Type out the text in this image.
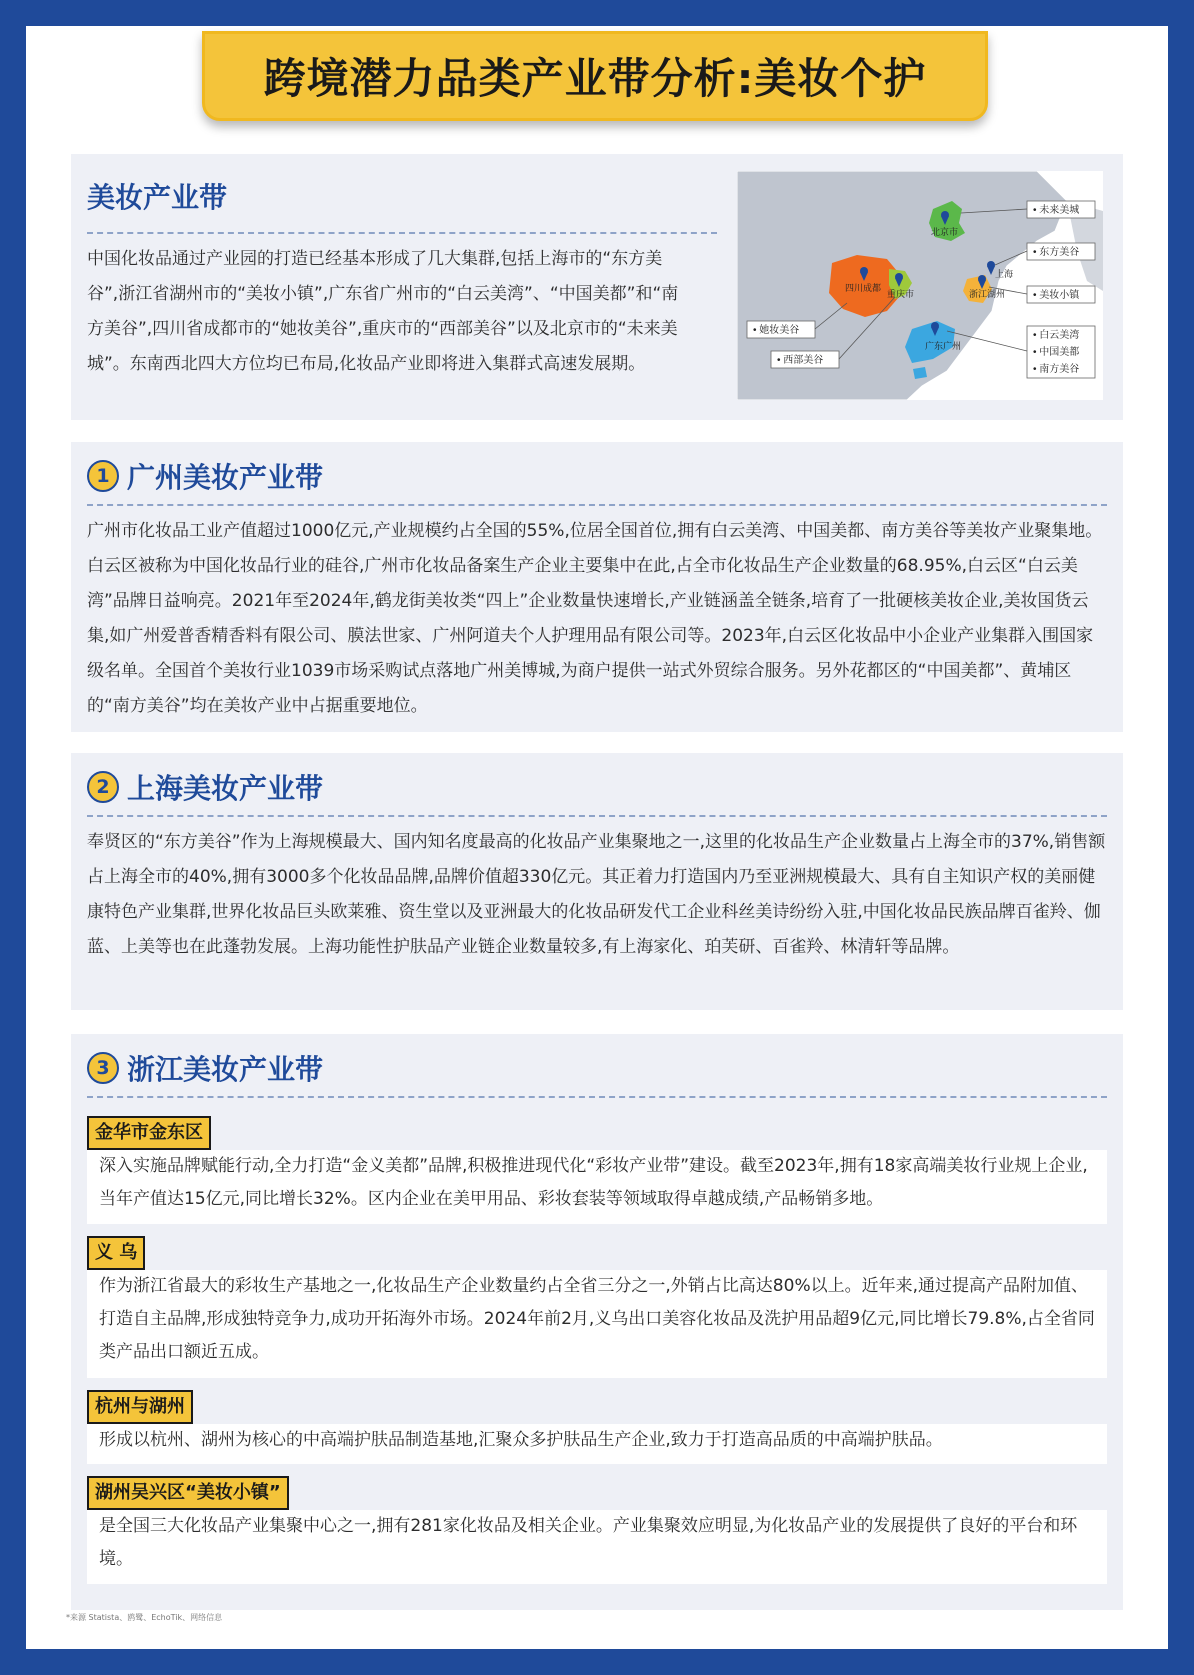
跨境潜力品类产业带分析:美妆个护
美妆产业带

中国化妆品通过产业园的打造已经基本形成了几大集群,包括上海市的“东方美谷”,浙江省湖州市的“美妆小镇”,广东省广州市的“白云美湾”、“中国美都”和“南方美谷”,四川省成都市的“她妆美谷”,重庆市的“西部美谷”以及北京市的“未来美城”。东南西北四大方位均已布局,化妆品产业即将进入集群式高速发展期。

北京市
上海
浙江湖州
四川成都
重庆市
广东广州
• 未来美城
• 东方美谷
• 美妆小镇
• 白云美湾
• 中国美都
• 南方美谷
• 她妆美谷
• 西部美谷
1 广州美妆产业带

广州市化妆品工业产值超过1000亿元,产业规模约占全国的55%,位居全国首位,拥有白云美湾、中国美都、南方美谷等美妆产业聚集地。白云区被称为中国化妆品行业的硅谷,广州市化妆品备案生产企业主要集中在此,占全市化妆品生产企业数量的68.95%,白云区“白云美湾”品牌日益响亮。2021年至2024年,鹤龙街美妆类“四上”企业数量快速增长,产业链涵盖全链条,培育了一批硬核美妆企业,美妆国货云集,如广州爱普香精香料有限公司、膜法世家、广州阿道夫个人护理用品有限公司等。2023年,白云区化妆品中小企业产业集群入围国家级名单。全国首个美妆行业1039市场采购试点落地广州美博城,为商户提供一站式外贸综合服务。另外花都区的“中国美都”、黄埔区的“南方美谷”均在美妆产业中占据重要地位。

2 上海美妆产业带

奉贤区的“东方美谷”作为上海规模最大、国内知名度最高的化妆品产业集聚地之一,这里的化妆品生产企业数量占上海全市的37%,销售额占上海全市的40%,拥有3000多个化妆品品牌,品牌价值超330亿元。其正着力打造国内乃至亚洲规模最大、具有自主知识产权的美丽健康特色产业集群,世界化妆品巨头欧莱雅、资生堂以及亚洲最大的化妆品研发代工企业科丝美诗纷纷入驻,中国化妆品民族品牌百雀羚、伽蓝、上美等也在此蓬勃发展。上海功能性护肤品产业链企业数量较多,有上海家化、珀芙研、百雀羚、林清轩等品牌。

3 浙江美妆产业带
金华市金东区

深入实施品牌赋能行动,全力打造“金义美都”品牌,积极推进现代化“彩妆产业带”建设。截至2023年,拥有18家高端美妆行业规上企业,当年产值达15亿元,同比增长32%。区内企业在美甲用品、彩妆套装等领域取得卓越成绩,产品畅销多地。

义 乌

作为浙江省最大的彩妆生产基地之一,化妆品生产企业数量约占全省三分之一,外销占比高达80%以上。近年来,通过提高产品附加值、打造自主品牌,形成独特竞争力,成功开拓海外市场。2024年前2月,义乌出口美容化妆品及洗护用品超9亿元,同比增长79.8%,占全省同类产品出口额近五成。

杭州与湖州

形成以杭州、湖州为核心的中高端护肤品制造基地,汇聚众多护肤品生产企业,致力于打造高品质的中高端护肤品。

湖州吴兴区“美妆小镇”

是全国三大化妆品产业集聚中心之一,拥有281家化妆品及相关企业。产业集聚效应明显,为化妆品产业的发展提供了良好的平台和环境。

*来源 Statista、鸥鹭、EchoTik、网络信息
